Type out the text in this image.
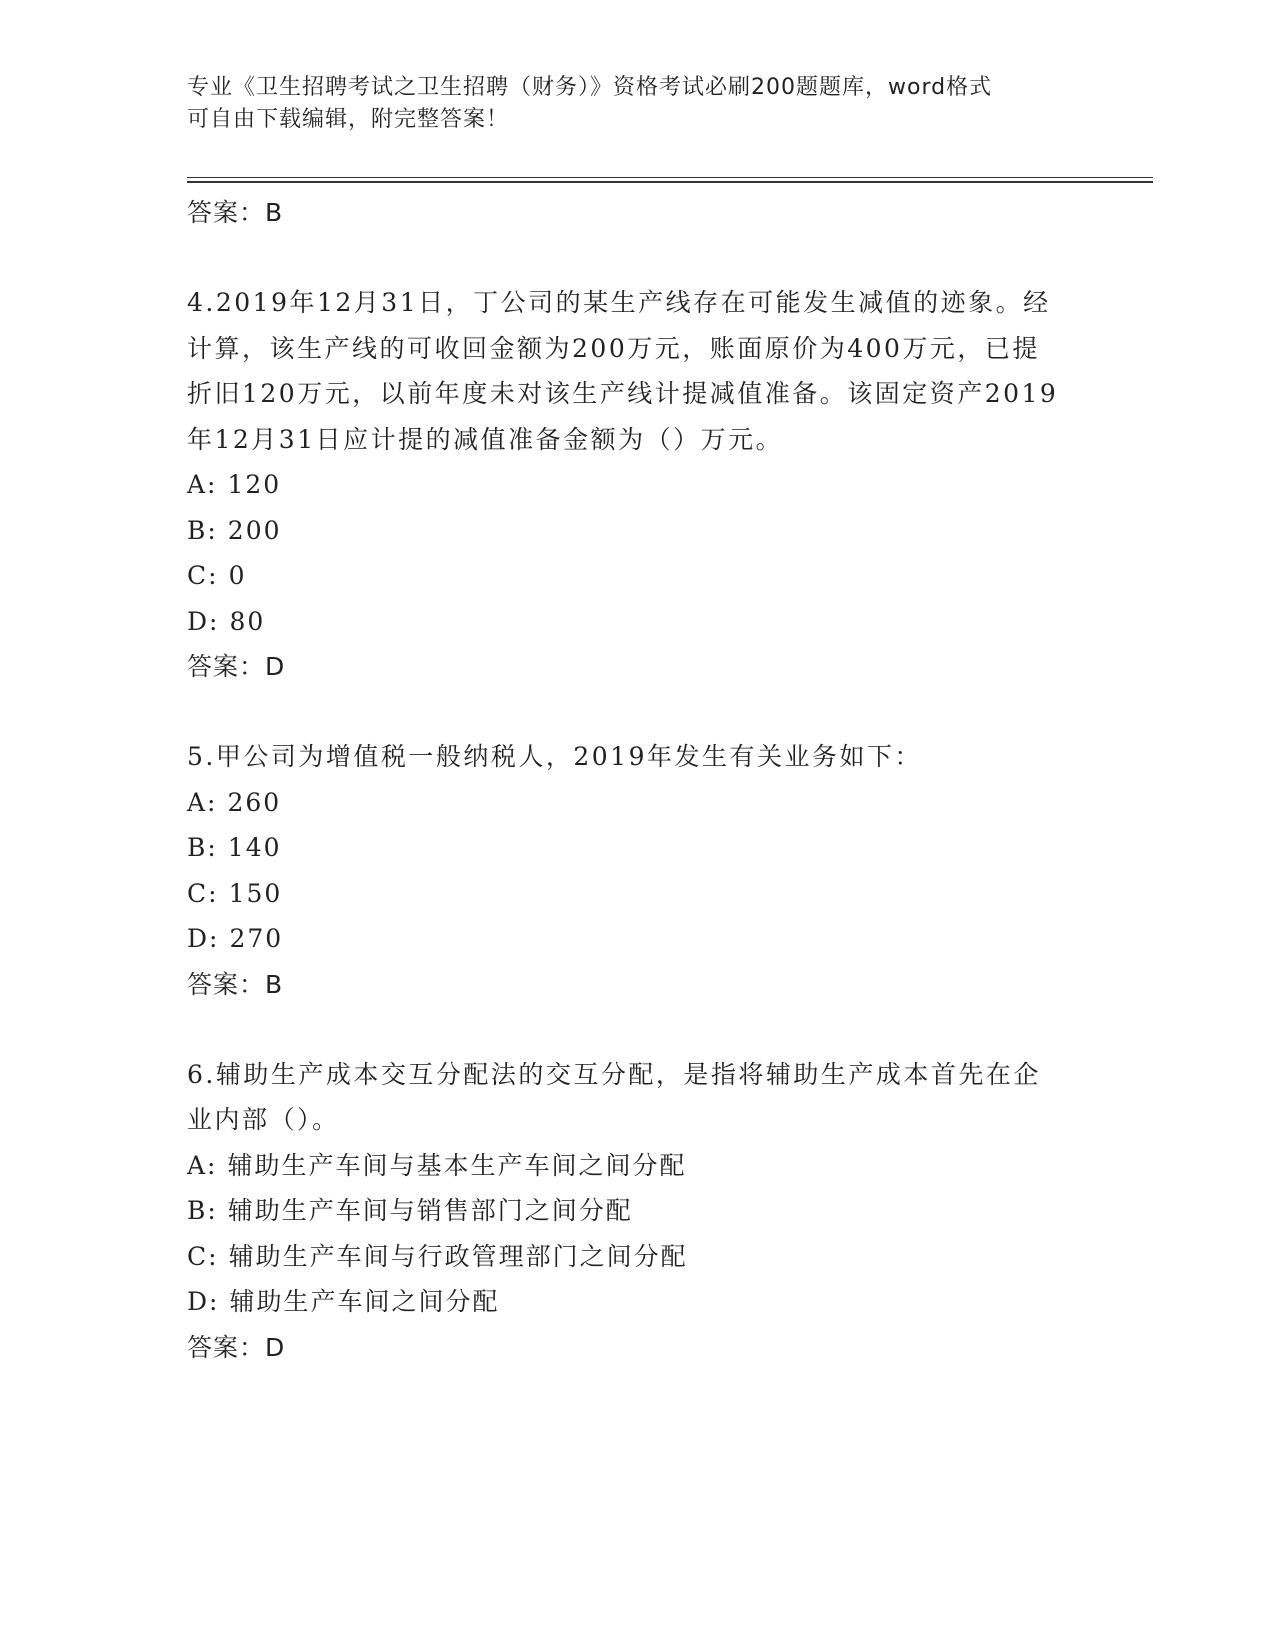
专业《卫生招聘考试之卫生招聘（财务）》资格考试必刷200题题库，word格式
可自由下载编辑，附完整答案！
答案：B

4.2019年12月31日，丁公司的某生产线存在可能发生减值的迹象。经计算，该生产线的可收回金额为200万元，账面原价为400万元，已提折旧120万元，以前年度未对该生产线计提减值准备。该固定资产2019年12月31日应计提的减值准备金额为（）万元。

A: 120
B: 200
C: 0
D: 80
答案：D

5.甲公司为增值税一般纳税人，2019年发生有关业务如下：

A: 260
B: 140
C: 150
D: 270
答案：B

6.辅助生产成本交互分配法的交互分配，是指将辅助生产成本首先在企业内部（）。

A: 辅助生产车间与基本生产车间之间分配
B: 辅助生产车间与销售部门之间分配
C: 辅助生产车间与行政管理部门之间分配
D: 辅助生产车间之间分配
答案：D
